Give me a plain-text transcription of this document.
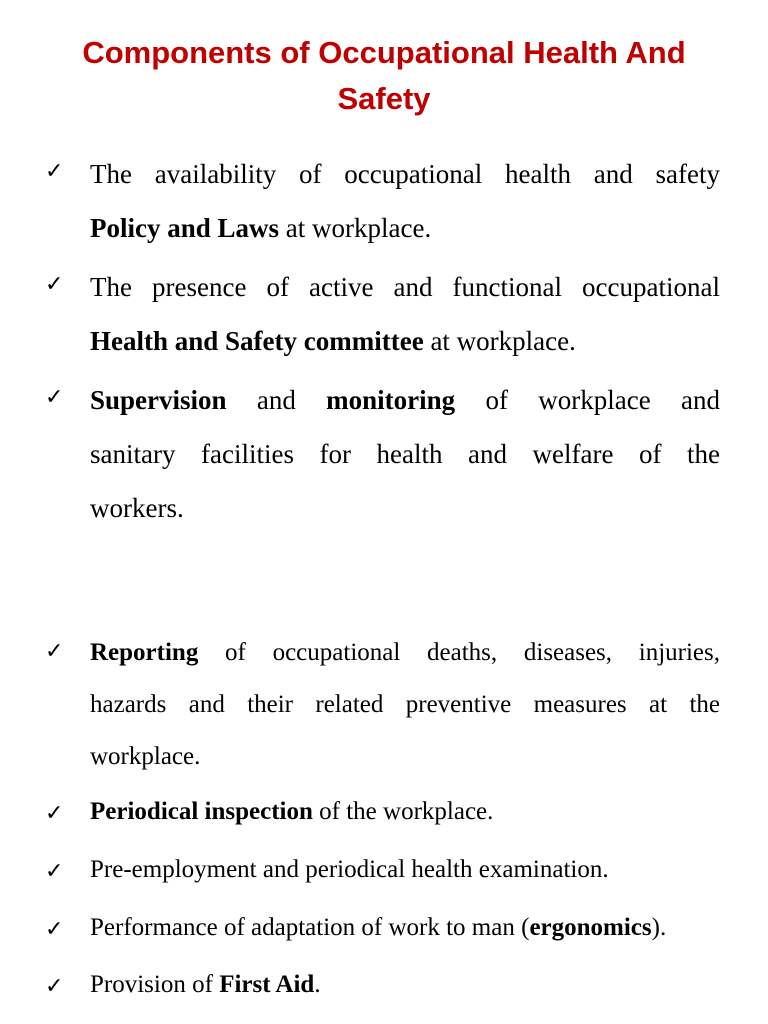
Components of Occupational Health And
Safety
✓ The availability of occupational health and safety
Policy and Laws at workplace.
✓ The presence of active and functional occupational
Health and Safety committee at workplace.
✓ Supervision and monitoring of workplace and
sanitary facilities for health and welfare of the
workers.
✓ Reporting of occupational deaths, diseases, injuries,
hazards and their related preventive measures at the
workplace.
✓ Periodical inspection of the workplace.
✓ Pre-employment and periodical health examination.
✓ Performance of adaptation of work to man (ergonomics).
✓ Provision of First Aid.
